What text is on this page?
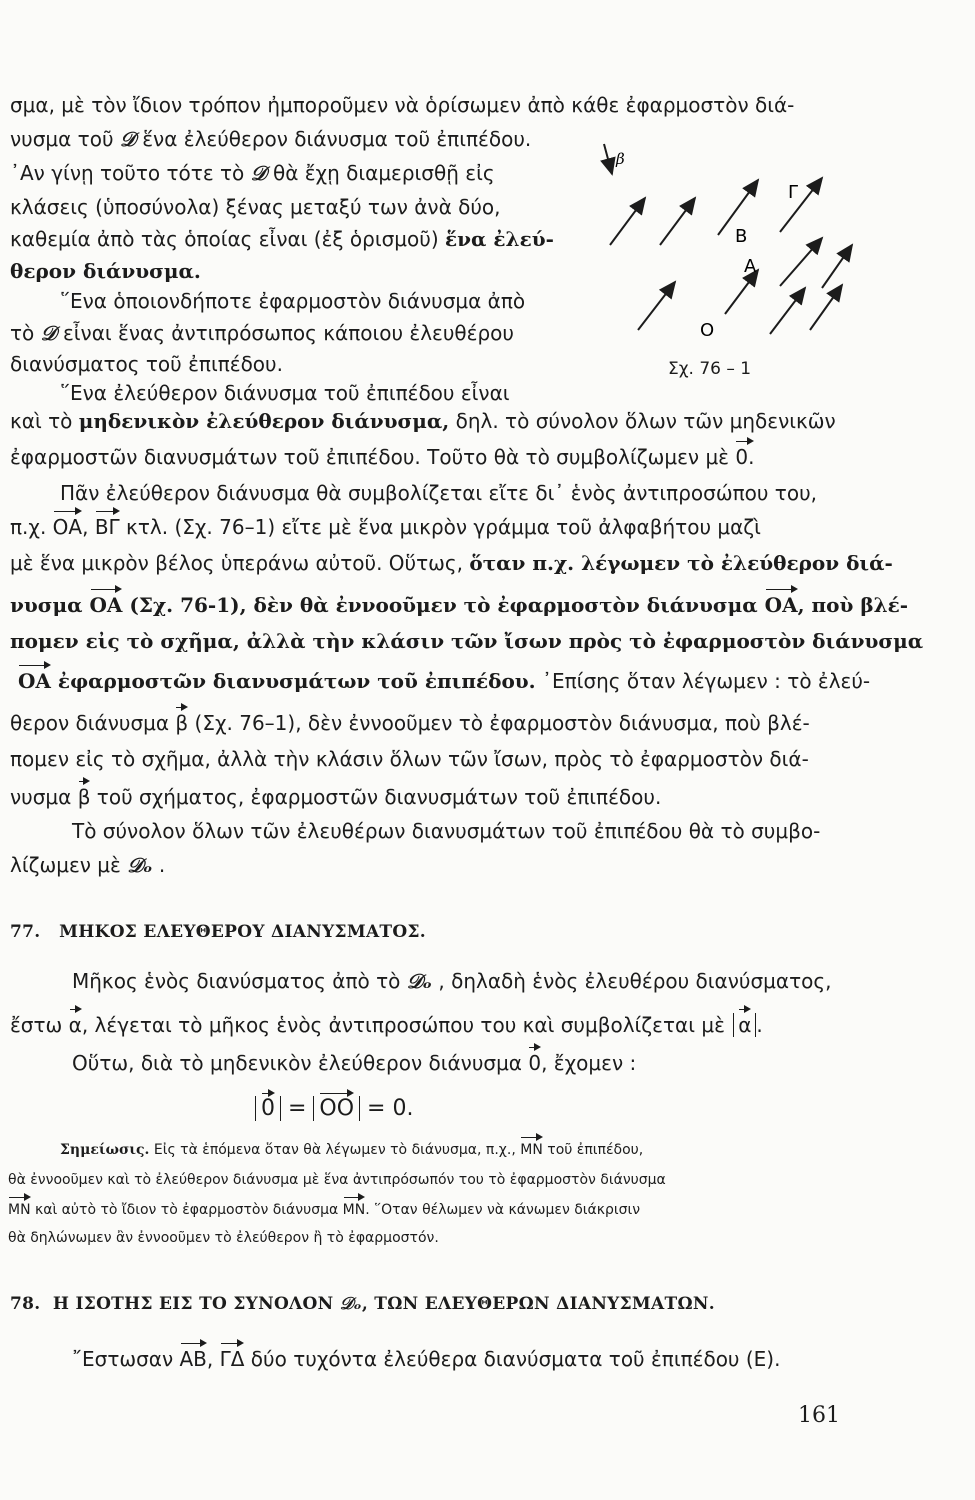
σμα, μὲ τὸν ἴδιον τρόπον ἠμποροῦμεν νὰ ὁρίσωμεν ἀπὸ κάθε ἐφαρμοστὸν διά-
νυσμα τοῦ 𝒟 ἕνα ἐλεύθερον διάνυσμα τοῦ ἐπιπέδου.
᾿Αν γίνῃ τοῦτο τότε τὸ 𝒟 θὰ ἔχῃ διαμερισθῇ εἰς
κλάσεις (ὑποσύνολα) ξένας μεταξύ των ἀνὰ δύο,
καθεμία ἀπὸ τὰς ὁποίας εἶναι (ἐξ ὁρισμοῦ) ἕνα ἐλεύ-
θερον διάνυσμα.
῞Ενα ὁποιονδήποτε ἐφαρμοστὸν διάνυσμα ἀπὸ
τὸ 𝒟 εἶναι ἕνας ἀντιπρόσωπος κάποιου ἐλευθέρου
διανύσματος τοῦ ἐπιπέδου.
῞Ενα ἐλεύθερον διάνυσμα τοῦ ἐπιπέδου εἶναι
καὶ τὸ μηδενικὸν ἐλεύθερον διάνυσμα, δηλ. τὸ σύνολον ὅλων τῶν μηδενικῶν
ἐφαρμοστῶν διανυσμάτων τοῦ ἐπιπέδου. Τοῦτο θὰ τὸ συμβολίζωμεν μὲ 0.
β
Γ
Β
Α
Ο
Σχ. 76 – 1
Πᾶν ἐλεύθερον διάνυσμα θὰ συμβολίζεται εἴτε δι᾽ ἑνὸς ἀντιπροσώπου του,
π.χ. ΟΑ, ΒΓ κτλ. (Σχ. 76–1) εἴτε μὲ ἕνα μικρὸν γράμμα τοῦ ἀλφαβήτου μαζὶ
μὲ ἕνα μικρὸν βέλος ὑπεράνω αὐτοῦ. Οὕτως, ὅταν π.χ. λέγωμεν τὸ ἐλεύθερον διά-
νυσμα ΟΑ (Σχ. 76-1), δὲν θὰ ἐννοοῦμεν τὸ ἐφαρμοστὸν διάνυσμα ΟΑ, ποὺ βλέ-
πομεν εἰς τὸ σχῆμα, ἀλλὰ τὴν κλάσιν τῶν ἴσων πρὸς τὸ ἐφαρμοστὸν διάνυσμα
ΟΑ ἐφαρμοστῶν διανυσμάτων τοῦ ἐπιπέδου. ᾿Επίσης ὅταν λέγωμεν : τὸ ἐλεύ-
θερον διάνυσμα β (Σχ. 76–1), δὲν ἐννοοῦμεν τὸ ἐφαρμοστὸν διάνυσμα, ποὺ βλέ-
πομεν εἰς τὸ σχῆμα, ἀλλὰ τὴν κλάσιν ὅλων τῶν ἴσων, πρὸς τὸ ἐφαρμοστὸν διά-
νυσμα β τοῦ σχήματος, ἐφαρμοστῶν διανυσμάτων τοῦ ἐπιπέδου.
Τὸ σύνολον ὅλων τῶν ἐλευθέρων διανυσμάτων τοῦ ἐπιπέδου θὰ τὸ συμβο-
λίζωμεν μὲ 𝒟ₒ .
77. ΜΗΚΟΣ ΕΛΕΥΘΕΡΟΥ ΔΙΑΝΥΣΜΑΤΟΣ.
Μῆκος ἑνὸς διανύσματος ἀπὸ τὸ 𝒟ₒ , δηλαδὴ ἑνὸς ἐλευθέρου διανύσματος,
ἔστω α, λέγεται τὸ μῆκος ἑνὸς ἀντιπροσώπου του καὶ συμβολίζεται μὲ α .
Οὕτω, διὰ τὸ μηδενικὸν ἐλεύθερον διάνυσμα 0, ἔχομεν :
0 = ΟΟ = 0.
Σημείωσις. Εἰς τὰ ἑπόμενα ὅταν θὰ λέγωμεν τὸ διάνυσμα, π.χ., ΜΝ τοῦ ἐπιπέδου,
θὰ ἐννοοῦμεν καὶ τὸ ἐλεύθερον διάνυσμα μὲ ἕνα ἀντιπρόσωπόν του τὸ ἐφαρμοστὸν διάνυσμα
ΜΝ καὶ αὐτὸ τὸ ἴδιον τὸ ἐφαρμοστὸν διάνυσμα ΜΝ. ῞Οταν θέλωμεν νὰ κάνωμεν διάκρισιν
θὰ δηλώνωμεν ἂν ἐννοοῦμεν τὸ ἐλεύθερον ἢ τὸ ἐφαρμοστόν.
78. Η ΙΣΟΤΗΣ ΕΙΣ ΤΟ ΣΥΝΟΛΟΝ 𝒟ₒ, ΤΩΝ ΕΛΕΥΘΕΡΩΝ ΔΙΑΝΥΣΜΑΤΩΝ.
῎Εστωσαν ΑΒ, ΓΔ δύο τυχόντα ἐλεύθερα διανύσματα τοῦ ἐπιπέδου (Ε).
161
